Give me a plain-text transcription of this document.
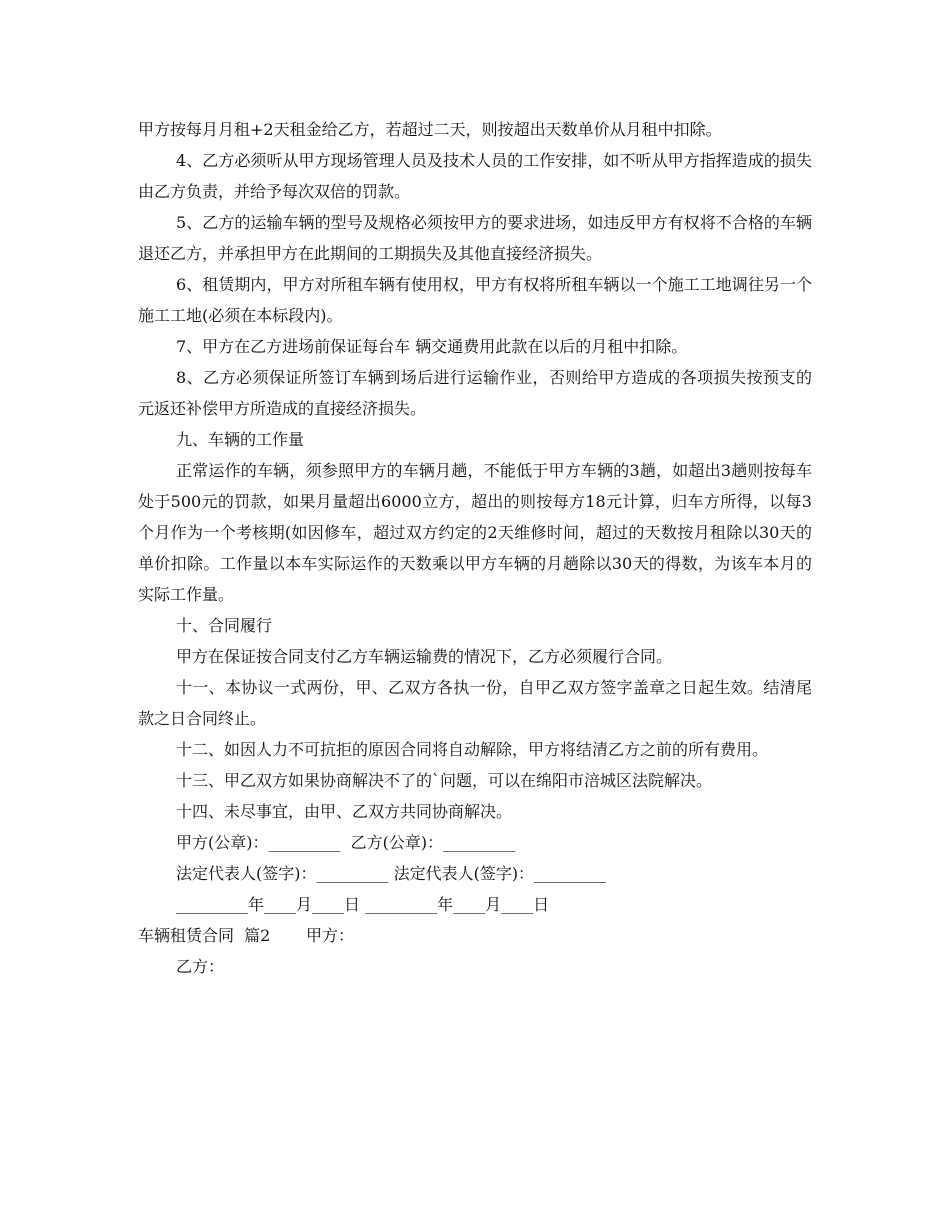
甲方按每月月租+2天租金给乙方，若超过二天，则按超出天数单价从月租中扣除。

4、乙方必须听从甲方现场管理人员及技术人员的工作安排，如不听从甲方指挥造成的损失由乙方负责，并给予每次双倍的罚款。

5、乙方的运输车辆的型号及规格必须按甲方的要求进场，如违反甲方有权将不合格的车辆退还乙方，并承担甲方在此期间的工期损失及其他直接经济损失。

6、租赁期内，甲方对所租车辆有使用权，甲方有权将所租车辆以一个施工工地调往另一个施工工地(必须在本标段内)。

7、甲方在乙方进场前保证每台车 辆交通费用此款在以后的月租中扣除。

8、乙方必须保证所签订车辆到场后进行运输作业，否则给甲方造成的各项损失按预支的 元返还补偿甲方所造成的直接经济损失。

九、车辆的工作量

正常运作的车辆，须参照甲方的车辆月趟，不能低于甲方车辆的3趟，如超出3趟则按每车处于500元的罚款，如果月量超出6000立方，超出的则按每方18元计算，归车方所得，以每3个月作为一个考核期(如因修车，超过双方约定的2天维修时间，超过的天数按月租除以30天的单价扣除。工作量以本车实际运作的天数乘以甲方车辆的月趟除以30天的得数，为该车本月的实际工作量。

十、合同履行

甲方在保证按合同支付乙方车辆运输费的情况下，乙方必须履行合同。

十一、本协议一式两份，甲、乙双方各执一份，自甲乙双方签字盖章之日起生效。结清尾款之日合同终止。

十二、如因人力不可抗拒的原因合同将自动解除，甲方将结清乙方之前的所有费用。

十三、甲乙双方如果协商解决不了的`问题，可以在绵阳市涪城区法院解决。

十四、未尽事宜，由甲、乙双方共同协商解决。

甲方(公章)：_________  乙方(公章)：_________
法定代表人(签字)：_________ 法定代表人(签字)：_________
_________年____月____日 _________年____月____日
车辆租赁合同  篇2       甲方：
乙方：
